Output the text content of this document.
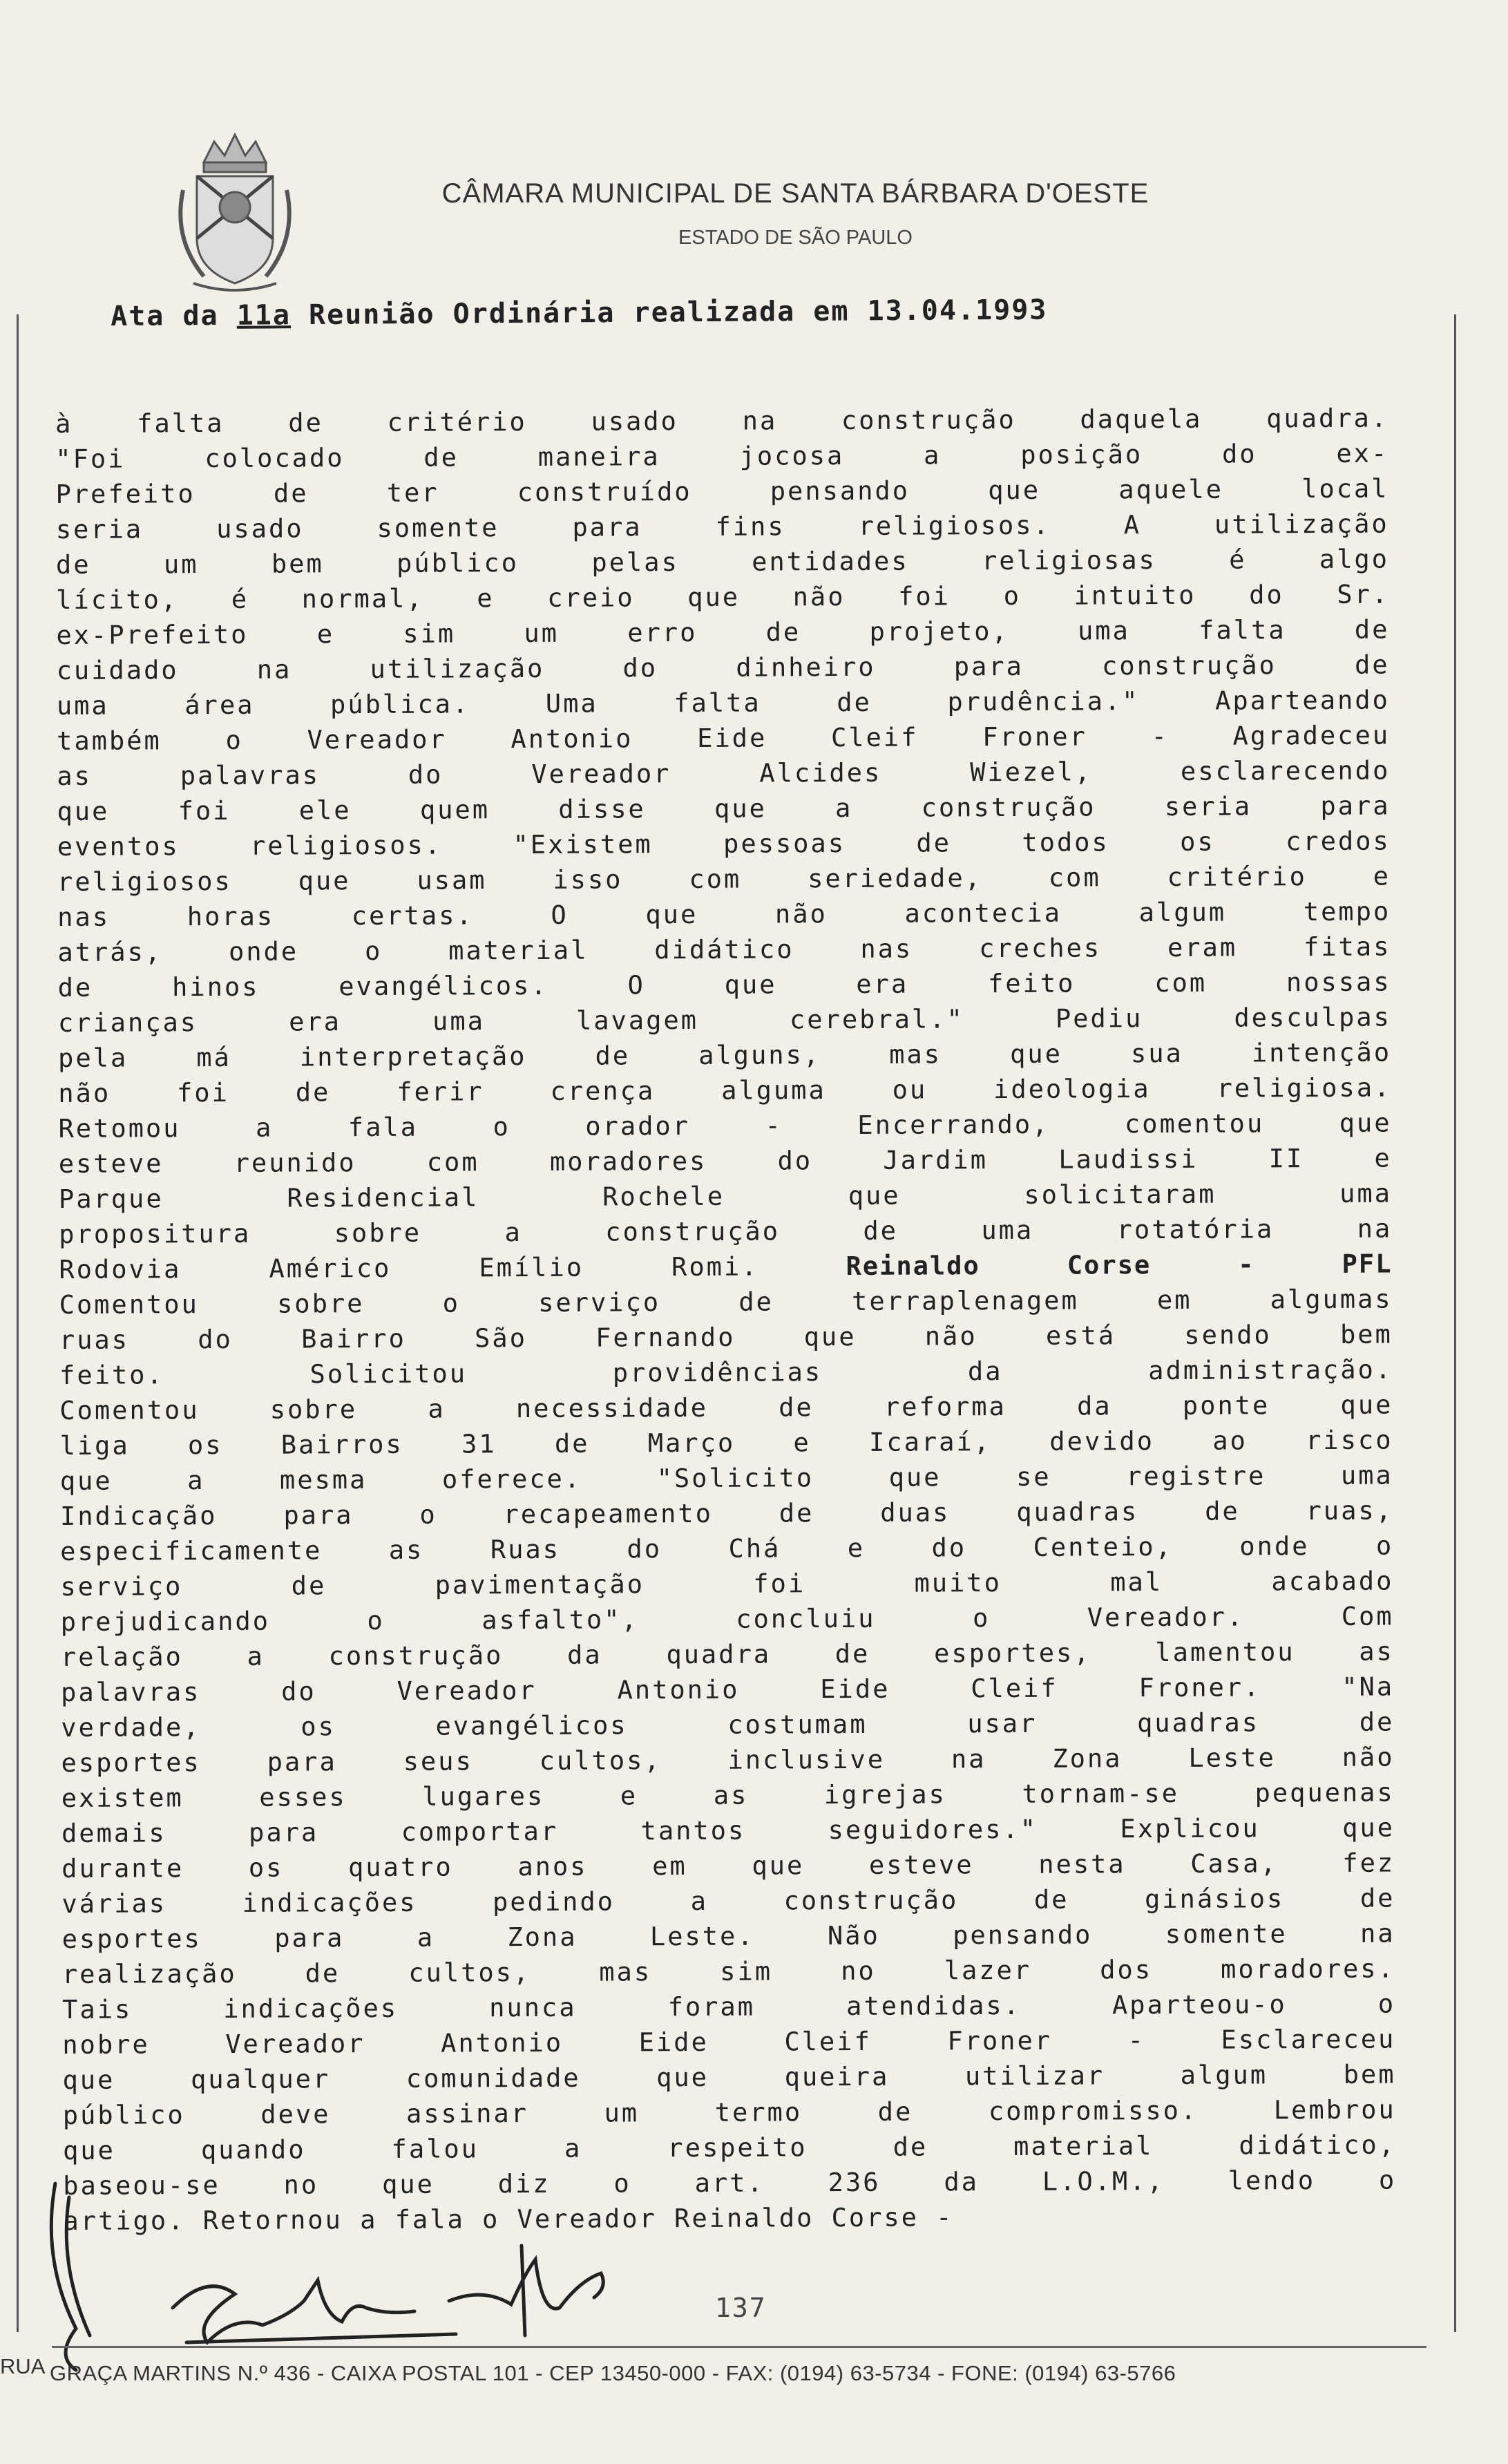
CÂMARA MUNICIPAL DE SANTA BÁRBARA D'OESTE
ESTADO DE SÃO PAULO
Ata da 11a Reunião Ordinária realizada em 13.04.1993
à falta de critério usado na construção daquela quadra.
"Foi colocado de maneira jocosa a posição do ex-
Prefeito de ter construído pensando que aquele local
seria usado somente para fins religiosos. A utilização
de um bem público pelas entidades religiosas é algo
lícito, é normal, e creio que não foi o intuito do Sr.
ex-Prefeito e sim um erro de projeto, uma falta de
cuidado na utilização do dinheiro para construção de
uma área pública. Uma falta de prudência." Aparteando
também o Vereador Antonio Eide Cleif Froner - Agradeceu
as palavras do Vereador Alcides Wiezel, esclarecendo
que foi ele quem disse que a construção seria para
eventos religiosos. "Existem pessoas de todos os credos
religiosos que usam isso com seriedade, com critério e
nas horas certas. O que não acontecia algum tempo
atrás, onde o material didático nas creches eram fitas
de hinos evangélicos. O que era feito com nossas
crianças era uma lavagem cerebral." Pediu desculpas
pela má interpretação de alguns, mas que sua intenção
não foi de ferir crença alguma ou ideologia religiosa.
Retomou a fala o orador - Encerrando, comentou que
esteve reunido com moradores do Jardim Laudissi II e
Parque Residencial Rochele que solicitaram uma
propositura sobre a construção de uma rotatória na
Rodovia Américo Emílio Romi. Reinaldo Corse - PFL
Comentou sobre o serviço de terraplenagem em algumas
ruas do Bairro São Fernando que não está sendo bem
feito. Solicitou providências da administração.
Comentou sobre a necessidade de reforma da ponte que
liga os Bairros 31 de Março e Icaraí, devido ao risco
que a mesma oferece. "Solicito que se registre uma
Indicação para o recapeamento de duas quadras de ruas,
especificamente as Ruas do Chá e do Centeio, onde o
serviço de pavimentação foi muito mal acabado
prejudicando o asfalto", concluiu o Vereador. Com
relação a construção da quadra de esportes, lamentou as
palavras do Vereador Antonio Eide Cleif Froner. "Na
verdade, os evangélicos costumam usar quadras de
esportes para seus cultos, inclusive na Zona Leste não
existem esses lugares e as igrejas tornam-se pequenas
demais para comportar tantos seguidores." Explicou que
durante os quatro anos em que esteve nesta Casa, fez
várias indicações pedindo a construção de ginásios de
esportes para a Zona Leste. Não pensando somente na
realização de cultos, mas sim no lazer dos moradores.
Tais indicações nunca foram atendidas. Aparteou-o o
nobre Vereador Antonio Eide Cleif Froner - Esclareceu
que qualquer comunidade que queira utilizar algum bem
público deve assinar um termo de compromisso. Lembrou
que quando falou a respeito de material didático,
baseou-se no que diz o art. 236 da L.O.M., lendo o
artigo. Retornou a fala o Vereador Reinaldo Corse -
137
RUA GRAÇA MARTINS N.º 436 - CAIXA POSTAL 101 - CEP 13450-000 - FAX: (0194) 63-5734 - FONE: (0194) 63-5766
